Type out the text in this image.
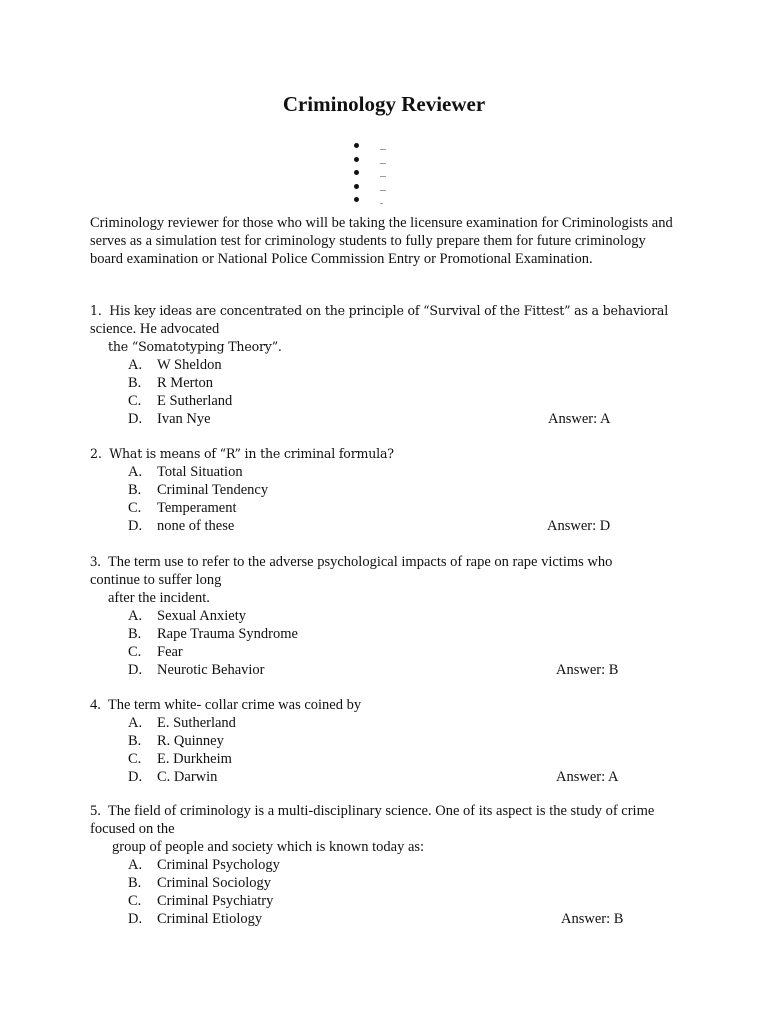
Criminology Reviewer
Criminology reviewer for those who will be taking the licensure examination for Criminologists and serves as a simulation test for criminology students to fully prepare them for future criminology board examination or National Police Commission Entry or Promotional Examination.
1. His key ideas are concentrated on the principle of “Survival of the Fittest” as a behavioral
science. He advocated
the “Somatotyping Theory”.
A. W Sheldon
B. R Merton
C. E Sutherland
D. Ivan Nye	Answer: A
2. What is means of “R” in the criminal formula?
A. Total Situation
B. Criminal Tendency
C. Temperament
D. none of these	Answer: D
3. The term use to refer to the adverse psychological impacts of rape on rape victims who
continue to suffer long
after the incident.
A. Sexual Anxiety
B. Rape Trauma Syndrome
C. Fear
D. Neurotic Behavior	Answer: B
4. The term white- collar crime was coined by
A. E. Sutherland
B. R. Quinney
C. E. Durkheim
D. C. Darwin	Answer: A
5. The field of criminology is a multi-disciplinary science. One of its aspect is the study of crime
focused on the
group of people and society which is known today as:
A. Criminal Psychology
B. Criminal Sociology
C. Criminal Psychiatry
D. Criminal Etiology	Answer: B
